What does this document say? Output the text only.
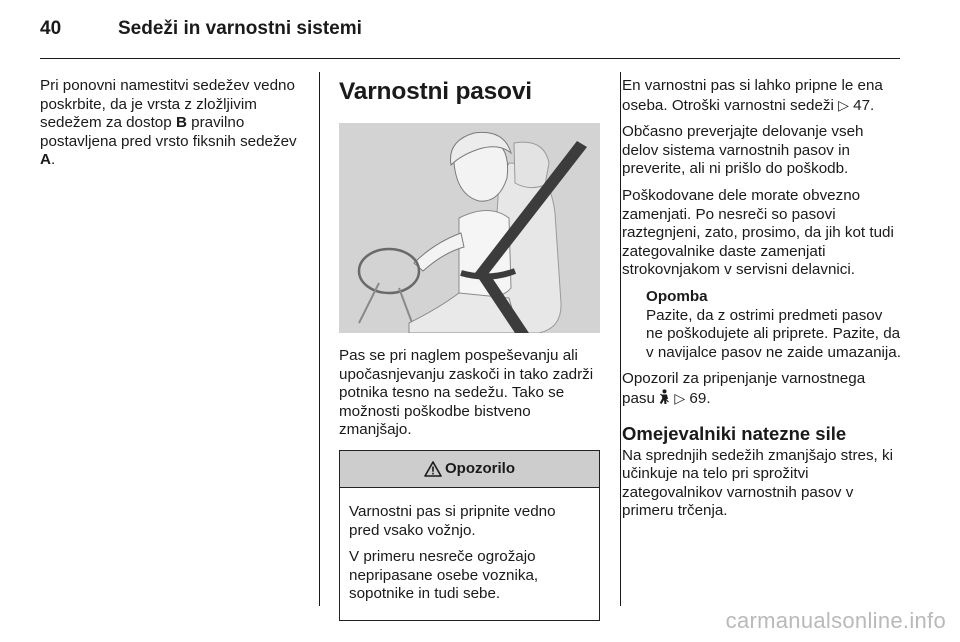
40	Sedeži in varnostni sistemi

Pri ponovni namestitvi sedežev vedno poskrbite, da je vrsta z zložljivim sedežem za dostop B pravilno postavljena pred vrsto fiksnih sedežev A.

Varnostni pasovi

Pas se pri naglem pospeševanju ali upočasnjevanju zaskoči in tako zadrži potnika tesno na sedežu. Tako se možnosti poškodbe bistveno zmanjšajo.

Opozorilo

Varnostni pas si pripnite vedno pred vsako vožnjo.

V primeru nesreče ogrožajo nepripasane osebe voznika, sopotnike in tudi sebe.

En varnostni pas si lahko pripne le ena oseba. Otroški varnostni sedeži ▷ 47.

Občasno preverjajte delovanje vseh delov sistema varnostnih pasov in preverite, ali ni prišlo do poškodb.

Poškodovane dele morate obvezno zamenjati. Po nesreči so pasovi raztegnjeni, zato, prosimo, da jih kot tudi zategovalnike daste zamenjati strokovnjakom v servisni delavnici.

Opomba

Pazite, da z ostrimi predmeti pasov ne poškodujete ali priprete. Pazite, da v navijalce pasov ne zaide umazanija.

Opozoril za pripenjanje varnostnega pasu  ▷ 69.

Omejevalniki natezne sile

Na sprednjih sedežih zmanjšajo stres, ki učinkuje na telo pri sprožitvi zategovalnikov varnostnih pasov v primeru trčenja.

carmanualsonline.info
